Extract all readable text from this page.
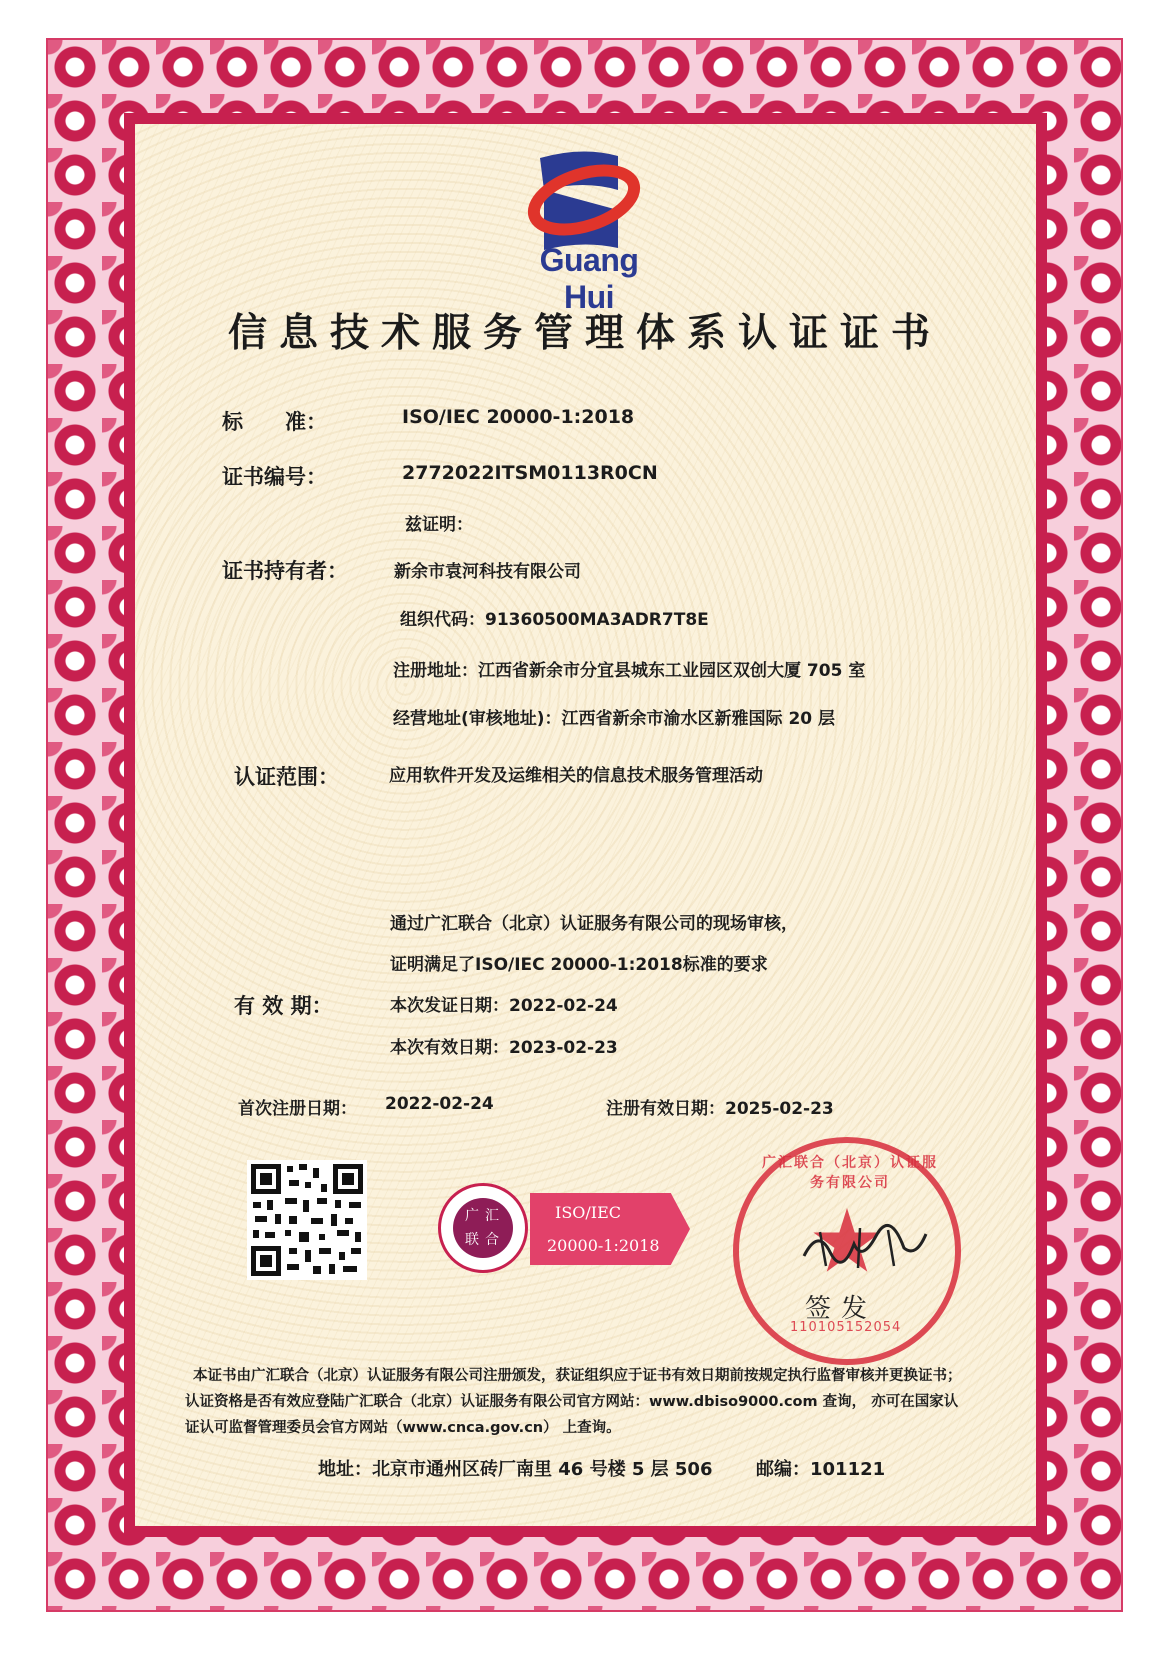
Guang Hui
信息技术服务管理体系认证证书
标　　准：	ISO/IEC 20000-1:2018
证书编号：	2772022ITSM0113R0CN
兹证明：
证书持有者：	新余市袁河科技有限公司
组织代码：91360500MA3ADR7T8E
注册地址：江西省新余市分宜县城东工业园区双创大厦 705 室
经营地址(审核地址)：江西省新余市渝水区新雅国际 20 层
认证范围：	应用软件开发及运维相关的信息技术服务管理活动
通过广汇联合（北京）认证服务有限公司的现场审核，
证明满足了ISO/IEC 20000-1:2018标准的要求
有 效 期：	本次发证日期：2022-02-24
本次有效日期：2023-02-23
首次注册日期： 2022-02-24	注册有效日期：2025-02-23
广 汇
联 合
ISO/IEC
20000-1:2018
广汇联合（北京）认证服务有限公司
110105152054
签发
本证书由广汇联合（北京）认证服务有限公司注册颁发，获证组织应于证书有效日期前按规定执行监督审核并更换证书；
认证资格是否有效应登陆广汇联合（北京）认证服务有限公司官方网站：www.dbiso9000.com 查询， 亦可在国家认
证认可监督管理委员会官方网站（www.cnca.gov.cn） 上查询。
地址：北京市通州区砖厂南里 46 号楼 5 层 506 邮编：101121
